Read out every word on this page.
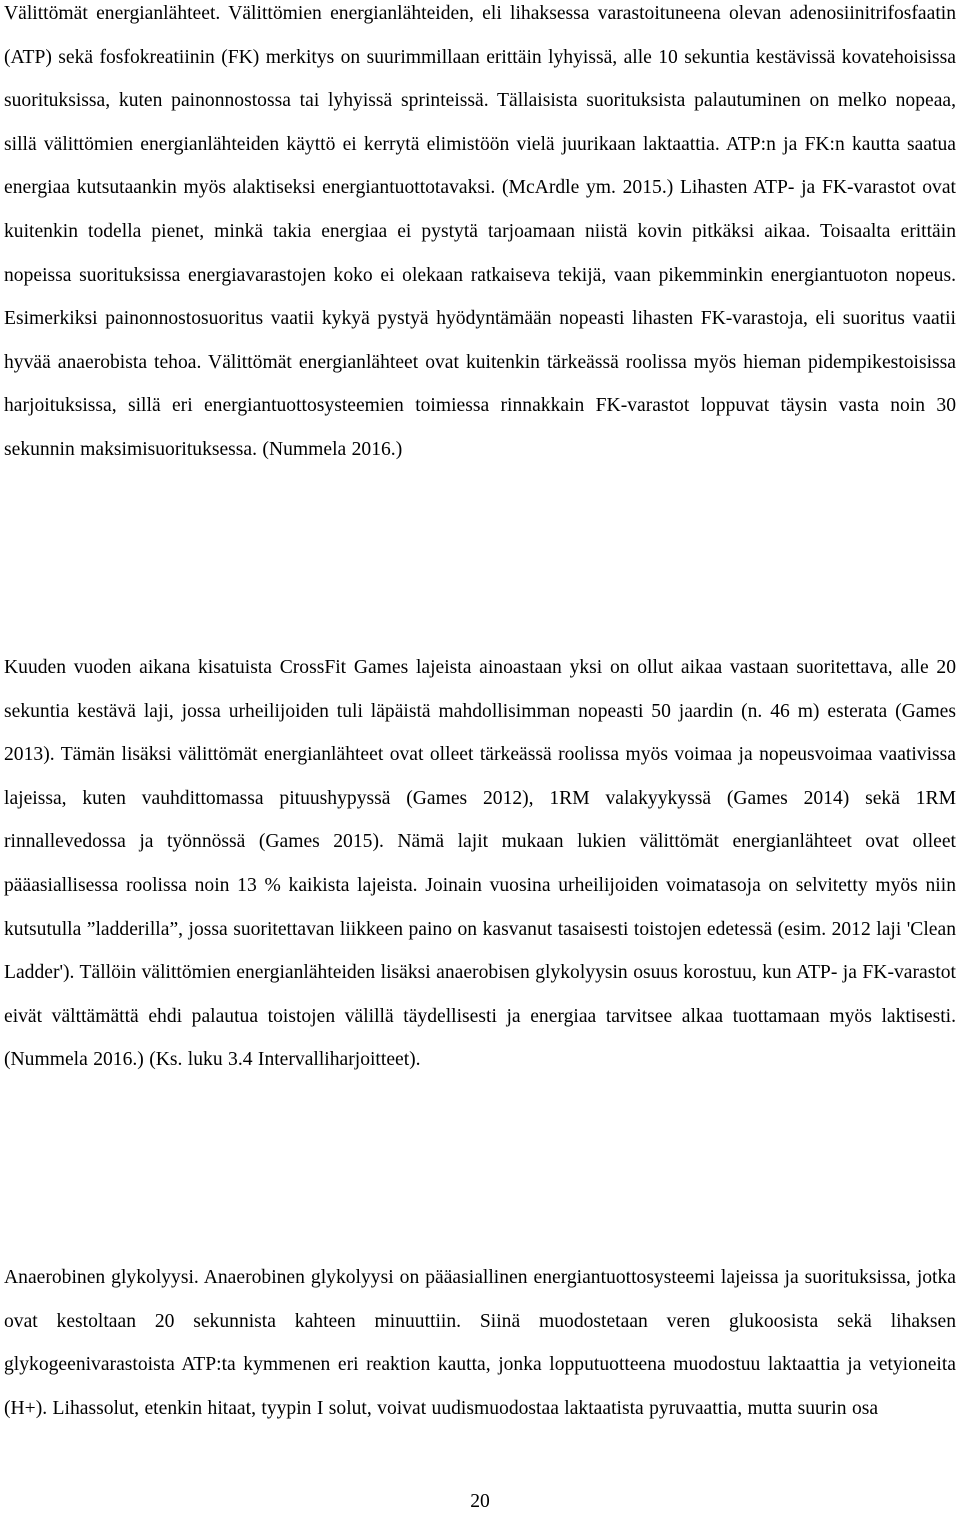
Välittömät energianlähteet. Välittömien energianlähteiden, eli lihaksessa varastoituneena olevan adenosiinitrifosfaatin (ATP) sekä fosfokreatiinin (FK) merkitys on suurimmillaan erittäin lyhyissä, alle 10 sekuntia kestävissä kovatehoisissa suorituksissa, kuten painonnostossa tai lyhyissä sprinteissä. Tällaisista suorituksista palautuminen on melko nopeaa, sillä välittömien energianlähteiden käyttö ei kerrytä elimistöön vielä juurikaan laktaattia. ATP:n ja FK:n kautta saatua energiaa kutsutaankin myös alaktiseksi energiantuottotavaksi. (McArdle ym. 2015.) Lihasten ATP- ja FK-varastot ovat kuitenkin todella pienet, minkä takia energiaa ei pystytä tarjoamaan niistä kovin pitkäksi aikaa. Toisaalta erittäin nopeissa suorituksissa energiavarastojen koko ei olekaan ratkaiseva tekijä, vaan pikemminkin energiantuoton nopeus. Esimerkiksi painonnostosuoritus vaatii kykyä pystyä hyödyntämään nopeasti lihasten FK-varastoja, eli suoritus vaatii hyvää anaerobista tehoa. Välittömät energianlähteet ovat kuitenkin tärkeässä roolissa myös hieman pidempikestoisissa harjoituksissa, sillä eri energiantuottosysteemien toimiessa rinnakkain FK-varastot loppuvat täysin vasta noin 30 sekunnin maksimisuorituksessa. (Nummela 2016.)

Kuuden vuoden aikana kisatuista CrossFit Games lajeista ainoastaan yksi on ollut aikaa vastaan suoritettava, alle 20 sekuntia kestävä laji, jossa urheilijoiden tuli läpäistä mahdollisimman nopeasti 50 jaardin (n. 46 m) esterata (Games 2013). Tämän lisäksi välittömät energianlähteet ovat olleet tärkeässä roolissa myös voimaa ja nopeusvoimaa vaativissa lajeissa, kuten vauhdittomassa pituushypyssä (Games 2012), 1RM valakyykyssä (Games 2014) sekä 1RM rinnallevedossa ja työnnössä (Games 2015). Nämä lajit mukaan lukien välittömät energianlähteet ovat olleet pääasiallisessa roolissa noin 13 % kaikista lajeista. Joinain vuosina urheilijoiden voimatasoja on selvitetty myös niin kutsutulla ”ladderilla”, jossa suoritettavan liikkeen paino on kasvanut tasaisesti toistojen edetessä (esim. 2012 laji 'Clean Ladder'). Tällöin välittömien energianlähteiden lisäksi anaerobisen glykolyysin osuus korostuu, kun ATP- ja FK-varastot eivät välttämättä ehdi palautua toistojen välillä täydellisesti ja energiaa tarvitsee alkaa tuottamaan myös laktisesti. (Nummela 2016.) (Ks. luku 3.4 Intervalliharjoitteet).

Anaerobinen glykolyysi. Anaerobinen glykolyysi on pääasiallinen energiantuottosysteemi lajeissa ja suorituksissa, jotka ovat kestoltaan 20 sekunnista kahteen minuuttiin. Siinä muodostetaan veren glukoosista sekä lihaksen glykogeenivarastoista ATP:ta kymmenen eri reaktion kautta, jonka lopputuotteena muodostuu laktaattia ja vetyioneita (H+). Lihassolut, etenkin hitaat, tyypin I solut, voivat uudismuodostaa laktaatista pyruvaattia, mutta suurin osa

20
